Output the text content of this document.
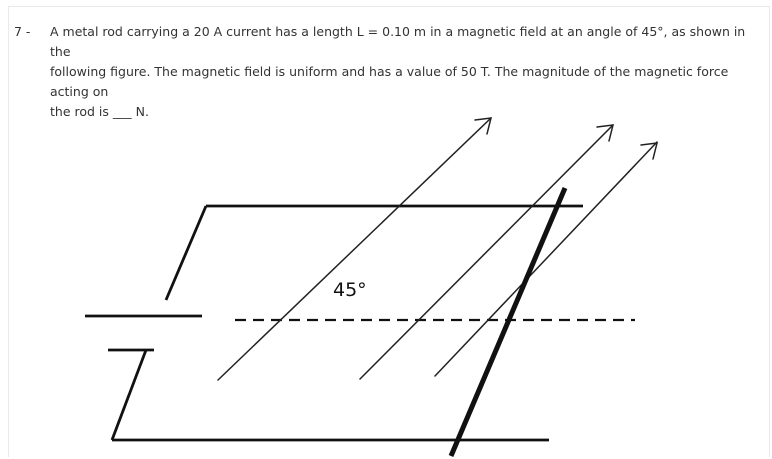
7 - A metal rod carrying a 20 A current has a length L = 0.10 m in a magnetic field at an angle of 45°, as shown in the
following figure. The magnetic field is uniform and has a value of 50 T. The magnitude of the magnetic force acting on
the rod is ___ N.
45°
